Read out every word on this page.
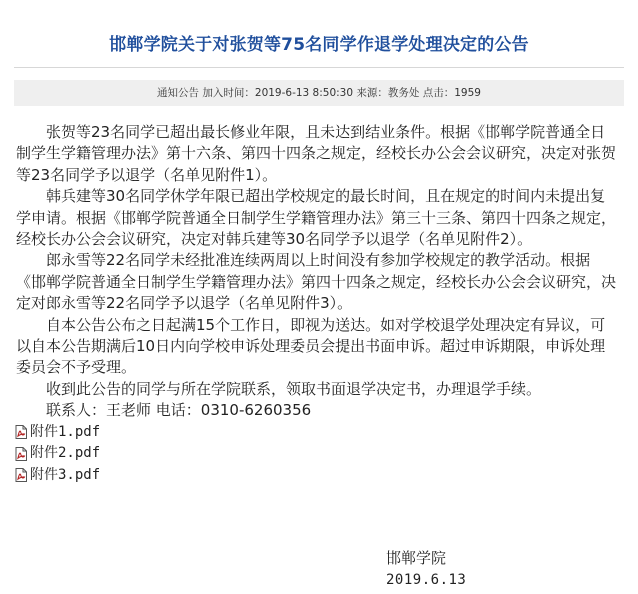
邯郸学院关于对张贺等75名同学作退学处理决定的公告
通知公告 加入时间：2019-6-13 8:50:30 来源：教务处 点击：1959

张贺等23名同学已超出最长修业年限，且未达到结业条件。根据《邯郸学院普通全日制学生学籍管理办法》第十六条、第四十四条之规定，经校长办公会会议研究，决定对张贺等23名同学予以退学（名单见附件1）。

韩兵建等30名同学休学年限已超出学校规定的最长时间，且在规定的时间内未提出复学申请。根据《邯郸学院普通全日制学生学籍管理办法》第三十三条、第四十四条之规定，经校长办公会会议研究，决定对韩兵建等30名同学予以退学（名单见附件2）。

郎永雪等22名同学未经批准连续两周以上时间没有参加学校规定的教学活动。根据《邯郸学院普通全日制学生学籍管理办法》第四十四条之规定，经校长办公会会议研究，决定对郎永雪等22名同学予以退学（名单见附件3）。

自本公告公布之日起满15个工作日，即视为送达。如对学校退学处理决定有异议，可以自本公告期满后10日内向学校申诉处理委员会提出书面申诉。超过申诉期限，申诉处理委员会不予受理。

收到此公告的同学与所在学院联系，领取书面退学决定书，办理退学手续。

联系人：王老师 电话：0310-6260356
附件1.pdf
附件2.pdf
附件3.pdf
邯郸学院
2019.6.13
